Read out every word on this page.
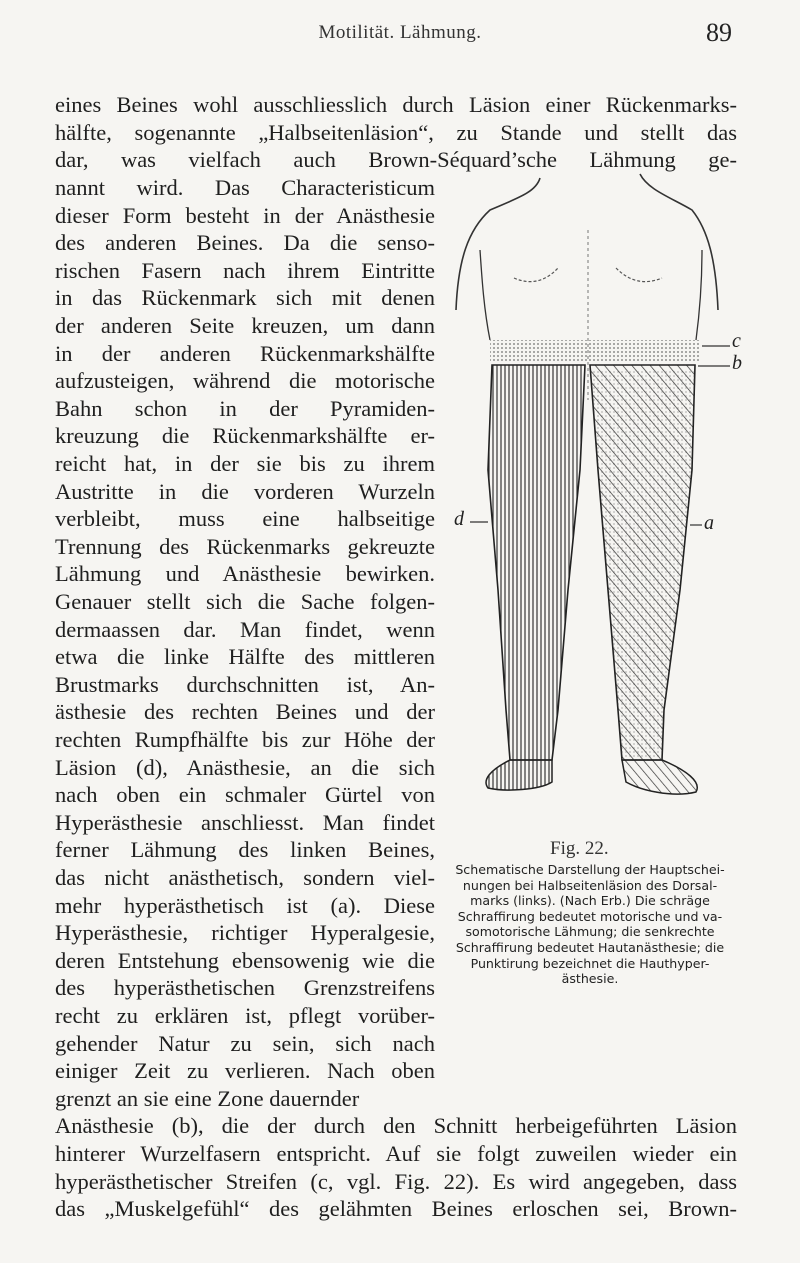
Motilität. Lähmung.	89
eines Beines wohl ausschliesslich durch Läsion einer Rückenmarks-
hälfte, sogenannte „Halbseitenläsion“, zu Stande und stellt das
dar, was vielfach auch Brown-Séquard’sche Lähmung ge-
nannt wird. Das Characteristicum
dieser Form besteht in der Anästhesie
des anderen Beines. Da die senso-
rischen Fasern nach ihrem Eintritte
in das Rückenmark sich mit denen
der anderen Seite kreuzen, um dann
in der anderen Rückenmarkshälfte
aufzusteigen, während die motorische
Bahn schon in der Pyramiden-
kreuzung die Rückenmarkshälfte er-
reicht hat, in der sie bis zu ihrem
Austritte in die vorderen Wurzeln
verbleibt, muss eine halbseitige
Trennung des Rückenmarks gekreuzte
Lähmung und Anästhesie bewirken.
Genauer stellt sich die Sache folgen-
dermaassen dar. Man findet, wenn
etwa die linke Hälfte des mittleren
Brustmarks durchschnitten ist, An-
ästhesie des rechten Beines und der
rechten Rumpfhälfte bis zur Höhe der
Läsion (d), Anästhesie, an die sich
nach oben ein schmaler Gürtel von
Hyperästhesie anschliesst. Man findet
ferner Lähmung des linken Beines,
das nicht anästhetisch, sondern viel-
mehr hyperästhetisch ist (a). Diese
Hyperästhesie, richtiger Hyperalgesie,
deren Entstehung ebensowenig wie die
des hyperästhetischen Grenzstreifens
recht zu erklären ist, pflegt vorüber-
gehender Natur zu sein, sich nach
einiger Zeit zu verlieren. Nach oben
grenzt an sie eine Zone dauernder
Anästhesie (b), die der durch den Schnitt herbeigeführten Läsion
hinterer Wurzelfasern entspricht. Auf sie folgt zuweilen wieder ein
hyperästhetischer Streifen (c, vgl. Fig. 22). Es wird angegeben, dass
das „Muskelgefühl“ des gelähmten Beines erloschen sei, Brown-
c
b
a
d
Fig. 22.
Schematische Darstellung der Hauptschei-
nungen bei Halbseitenläsion des Dorsal-
marks (links). (Nach Erb.) Die schräge
Schraffirung bedeutet motorische und va-
somotorische Lähmung; die senkrechte
Schraffirung bedeutet Hautanästhesie; die
Punktirung bezeichnet die Hauthyper-
ästhesie.
